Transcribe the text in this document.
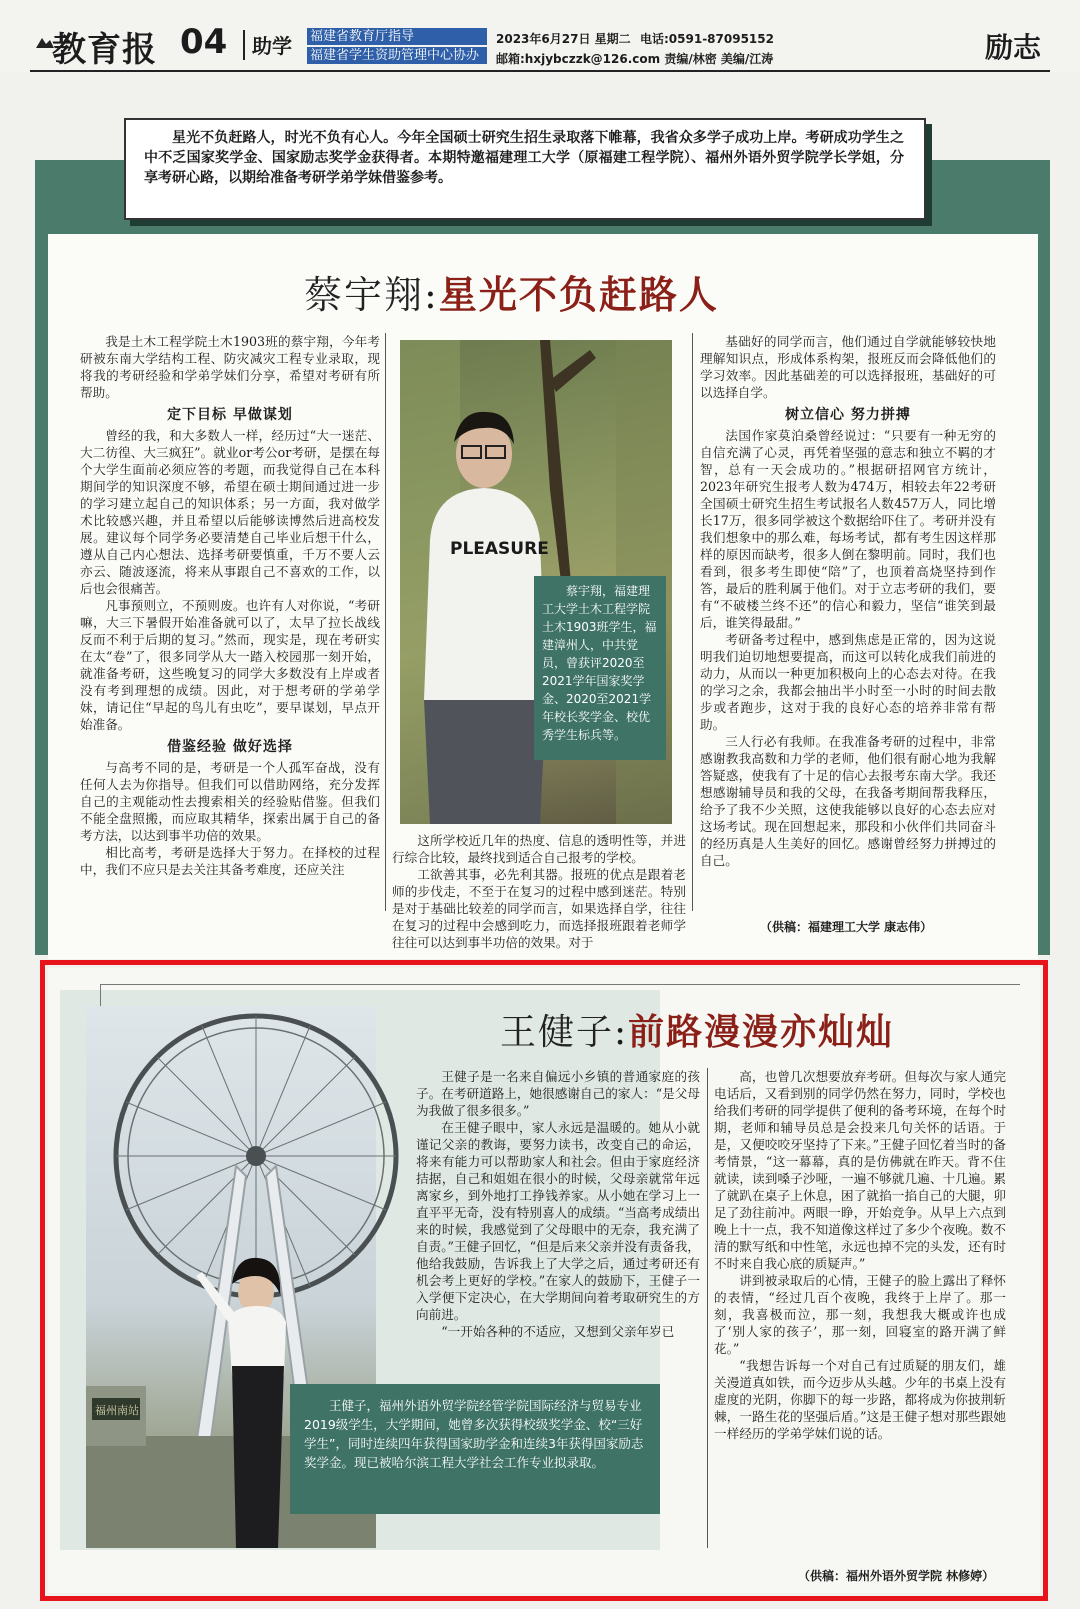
教育报 04 助学 福建省教育厅指导
福建省学生资助管理中心协办
2023年6月27日 星期二 电话:0591-87095152
邮箱:hxjybczzk@126.com 责编/林密 美编/江涛	励志
星光不负赶路人，时光不负有心人。今年全国硕士研究生招生录取落下帷幕，我省众多学子成功上岸。考研成功学生之中不乏国家奖学金、国家励志奖学金获得者。本期特邀福建理工大学（原福建工程学院）、福州外语外贸学院学长学姐，分享考研心路，以期给准备考研学弟学妹借鉴参考。
蔡宇翔:星光不负赶路人

我是土木工程学院土木1903班的蔡宇翔，今年考研被东南大学结构工程、防灾减灾工程专业录取，现将我的考研经验和学弟学妹们分享，希望对考研有所帮助。

定下目标 早做谋划

曾经的我，和大多数人一样，经历过“大一迷茫、大二彷徨、大三疯狂”。就业or考公or考研，是摆在每个大学生面前必须应答的考题，而我觉得自己在本科期间学的知识深度不够，希望在硕士期间通过进一步的学习建立起自己的知识体系；另一方面，我对做学术比较感兴趣，并且希望以后能够读博然后进高校发展。建议每个同学务必要清楚自己毕业后想干什么，遵从自己内心想法、选择考研要慎重，千万不要人云亦云、随波逐流，将来从事跟自己不喜欢的工作，以后也会很痛苦。

凡事预则立，不预则废。也许有人对你说，“考研嘛，大三下暑假开始准备就可以了，太早了拉长战线反而不利于后期的复习。”然而，现实是，现在考研实在太“卷”了，很多同学从大一踏入校园那一刻开始，就准备考研，这些晚复习的同学大多数没有上岸或者没有考到理想的成绩。因此，对于想考研的学弟学妹，请记住“早起的鸟儿有虫吃”，要早谋划，早点开始准备。

借鉴经验 做好选择

与高考不同的是，考研是一个人孤军奋战，没有任何人去为你指导。但我们可以借助网络，充分发挥自己的主观能动性去搜索相关的经验贴借鉴。但我们不能全盘照搬，而应取其精华，探索出属于自己的备考方法，以达到事半功倍的效果。

相比高考，考研是选择大于努力。在择校的过程中，我们不应只是去关注其备考难度，还应关注

PLEASURE
蔡宇翔，福建理工大学土木工程学院土木1903班学生，福建漳州人，中共党员，曾获评2020至2021学年国家奖学金、2020至2021学年校长奖学金、校优秀学生标兵等。

这所学校近几年的热度、信息的透明性等，并进行综合比较，最终找到适合自己报考的学校。

工欲善其事，必先利其器。报班的优点是跟着老师的步伐走，不至于在复习的过程中感到迷茫。特别是对于基础比较差的同学而言，如果选择自学，往往在复习的过程中会感到吃力，而选择报班跟着老师学往往可以达到事半功倍的效果。对于

基础好的同学而言，他们通过自学就能够较快地理解知识点，形成体系构架，报班反而会降低他们的学习效率。因此基础差的可以选择报班，基础好的可以选择自学。

树立信心 努力拼搏

法国作家莫泊桑曾经说过：“只要有一种无穷的自信充满了心灵，再凭着坚强的意志和独立不羁的才智，总有一天会成功的。”根据研招网官方统计，2023年研究生报考人数为474万，相较去年22考研全国硕士研究生招生考试报名人数457万人，同比增长17万，很多同学被这个数据给吓住了。考研并没有我们想象中的那么难，每场考试，都有考生因这样那样的原因而缺考，很多人倒在黎明前。同时，我们也看到，很多考生即使“陪”了，也顶着高烧坚持到作答，最后的胜利属于他们。对于立志考研的我们，要有“不破楼兰终不还”的信心和毅力，坚信“谁笑到最后，谁笑得最甜。”

考研备考过程中，感到焦虑是正常的，因为这说明我们迫切地想要提高，而这可以转化成我们前进的动力，从而以一种更加积极向上的心态去对待。在我的学习之余，我都会抽出半小时至一小时的时间去散步或者跑步，这对于我的良好心态的培养非常有帮助。

三人行必有我师。在我准备考研的过程中，非常感谢教我高数和力学的老师，他们很有耐心地为我解答疑惑，使我有了十足的信心去报考东南大学。我还想感谢辅导员和我的父母，在我备考期间帮我释压，给予了我不少关照，这使我能够以良好的心态去应对这场考试。现在回想起来，那段和小伙伴们共同奋斗的经历真是人生美好的回忆。感谢曾经努力拼搏过的自己。

（供稿：福建理工大学 康志伟）
王健子:前路漫漫亦灿灿
福州南站	王健子，福州外语外贸学院经管学院国际经济与贸易专业2019级学生，大学期间，她曾多次获得校级奖学金、校“三好学生”，同时连续四年获得国家助学金和连续3年获得国家励志奖学金。现已被哈尔滨工程大学社会工作专业拟录取。

王健子是一名来自偏远小乡镇的普通家庭的孩子。在考研道路上，她很感谢自己的家人：“是父母为我做了很多很多。”

在王健子眼中，家人永远是温暖的。她从小就谨记父亲的教诲，要努力读书，改变自己的命运，将来有能力可以帮助家人和社会。但由于家庭经济拮据，自己和姐姐在很小的时候，父母亲就常年远离家乡，到外地打工挣钱养家。从小她在学习上一直平平无奇，没有特别喜人的成绩。“当高考成绩出来的时候，我感觉到了父母眼中的无奈，我充满了自责。”王健子回忆，“但是后来父亲并没有责备我，他给我鼓励，告诉我上了大学之后，通过考研还有机会考上更好的学校。”在家人的鼓励下，王健子一入学便下定决心，在大学期间向着考取研究生的方向前进。

“一开始各种的不适应，又想到父亲年岁已

高，也曾几次想要放弃考研。但每次与家人通完电话后，又看到别的同学仍然在努力，同时，学校也给我们考研的同学提供了便利的备考环境，在每个时期，老师和辅导员总是会投来几句关怀的话语。于是，又便咬咬牙坚持了下来。”王健子回忆着当时的备考情景，“这一幕幕，真的是仿佛就在昨天。背不住就读，读到嗓子沙哑，一遍不够就几遍、十几遍。累了就趴在桌子上休息，困了就掐一掐自己的大腿，卯足了劲往前冲。两眼一睁，开始竞争。从早上六点到晚上十一点，我不知道像这样过了多少个夜晚。数不清的默写纸和中性笔，永远也掉不完的头发，还有时不时来自我心底的质疑声。”

讲到被录取后的心情，王健子的脸上露出了释怀的表情，“经过几百个夜晚，我终于上岸了。那一刻，我喜极而泣，那一刻，我想我大概或许也成了‘别人家的孩子’，那一刻，回寝室的路开满了鲜花。”

“我想告诉每一个对自己有过质疑的朋友们，雄关漫道真如铁，而今迈步从头越。少年的书桌上没有虚度的光阴，你脚下的每一步路，都将成为你披荆斩棘，一路生花的坚强后盾。”这是王健子想对那些跟她一样经历的学弟学妹们说的话。

（供稿：福州外语外贸学院 林修婷）
